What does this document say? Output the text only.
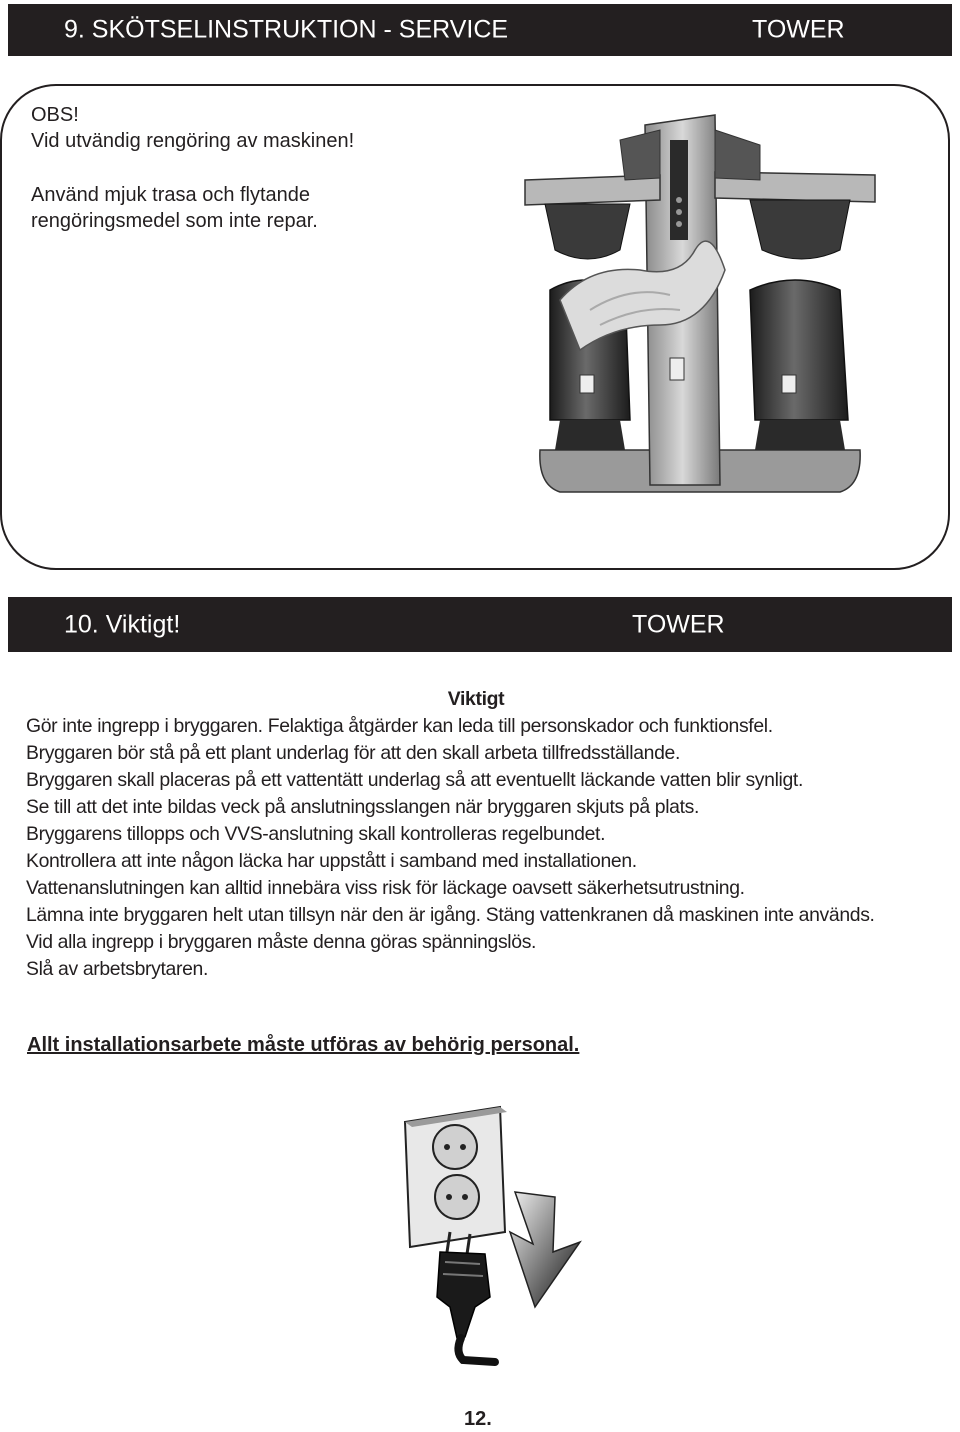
9. SKÖTSELINSTRUKTION - SERVICE	TOWER

OBS!

Vid utvändig rengöring av maskinen!

Använd mjuk trasa och flytande

rengöringsmedel som inte repar.

10. Viktigt!	TOWER

Viktigt

Gör inte ingrepp i bryggaren. Felaktiga åtgärder kan leda till personskador och funktionsfel.

Bryggaren bör stå på ett plant underlag för att den skall arbeta tillfredsställande.

Bryggaren skall placeras på ett vattentätt underlag så att eventuellt läckande vatten blir synligt.

Se till att det inte bildas veck på anslutningsslangen när bryggaren skjuts på plats.

Bryggarens tillopps och VVS-anslutning skall kontrolleras regelbundet.

Kontrollera att inte någon läcka har uppstått i samband med installationen.

Vattenanslutningen kan alltid innebära viss risk för läckage oavsett säkerhetsutrustning.

Lämna inte bryggaren helt utan tillsyn när den är igång. Stäng vattenkranen då maskinen inte används.

Vid alla ingrepp i bryggaren måste denna göras spänningslös.

Slå av arbetsbrytaren.

Allt installationsarbete måste utföras av behörig personal.
12.
